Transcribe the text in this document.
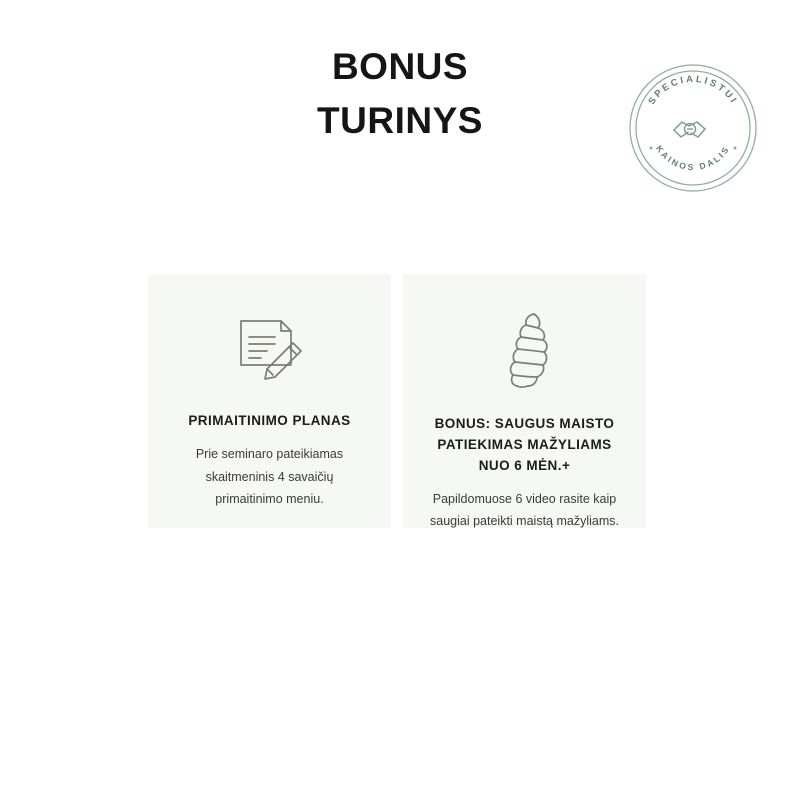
BONUS
TURINYS	SPECIALISTUI
KAINOS DALIS
PRIMAITINIMO PLANAS
Prie seminaro pateikiamas
skaitmeninis 4 savaičių
primaitinimo meniu.
BONUS: SAUGUS MAISTO PATIEKIMAS MAŽYLIAMS NUO 6 MĖN.+
Papildomuose 6 video rasite kaip
saugiai pateikti maistą mažyliams.
